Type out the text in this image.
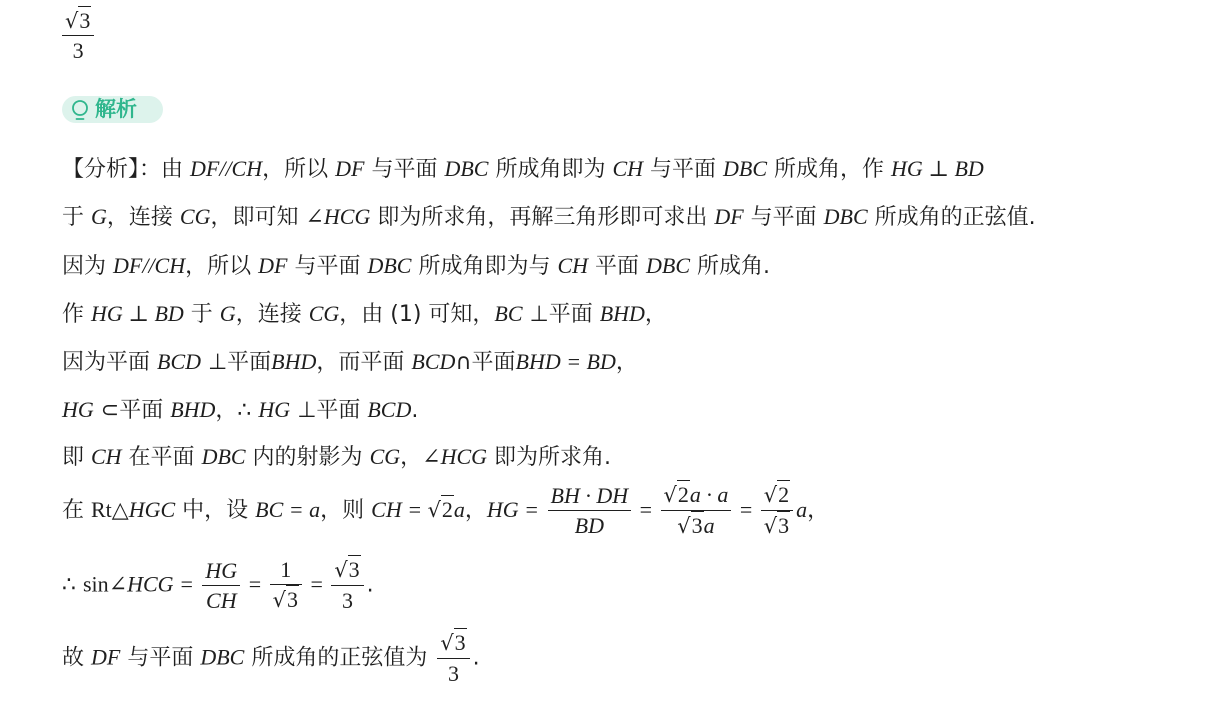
$\frac{√3}{3}$
解析
【分析】：由 DF//CH，所以 DF 与平面 DBC 所成角即为 CH 与平面 DBC 所成角，作 HG ⊥ BD
于 G，连接 CG，即可知 ∠HCG 即为所求角，再解三角形即可求出 DF 与平面 DBC 所成角的正弦值.
因为 DF//CH，所以 DF 与平面 DBC 所成角即为与 CH 平面 DBC 所成角.
作 HG ⊥ BD 于 G，连接 CG，由 (1) 可知，BC ⊥平面 BHD，
因为平面 BCD ⊥平面BHD，而平面 BCD∩平面BHD = BD，
HG ⊂平面 BHD，∴ HG ⊥平面 BCD.
即 CH 在平面 DBC 内的射影为 CG，∠HCG 即为所求角.
在 Rt△HGC 中，设 BC = a，则 CH = √2a，HG = $\frac{BH \cdot DH}{BD} = \frac{√2a \cdot a}{√3a} = \frac{√2}{√3}$ a，
∴ sin∠HCG = $\frac{HG}{CH} = \frac{1}{√3} = \frac{√3}{3}$ .
故 DF 与平面 DBC 所成角的正弦值为 $\frac{√3}{3}$ .
